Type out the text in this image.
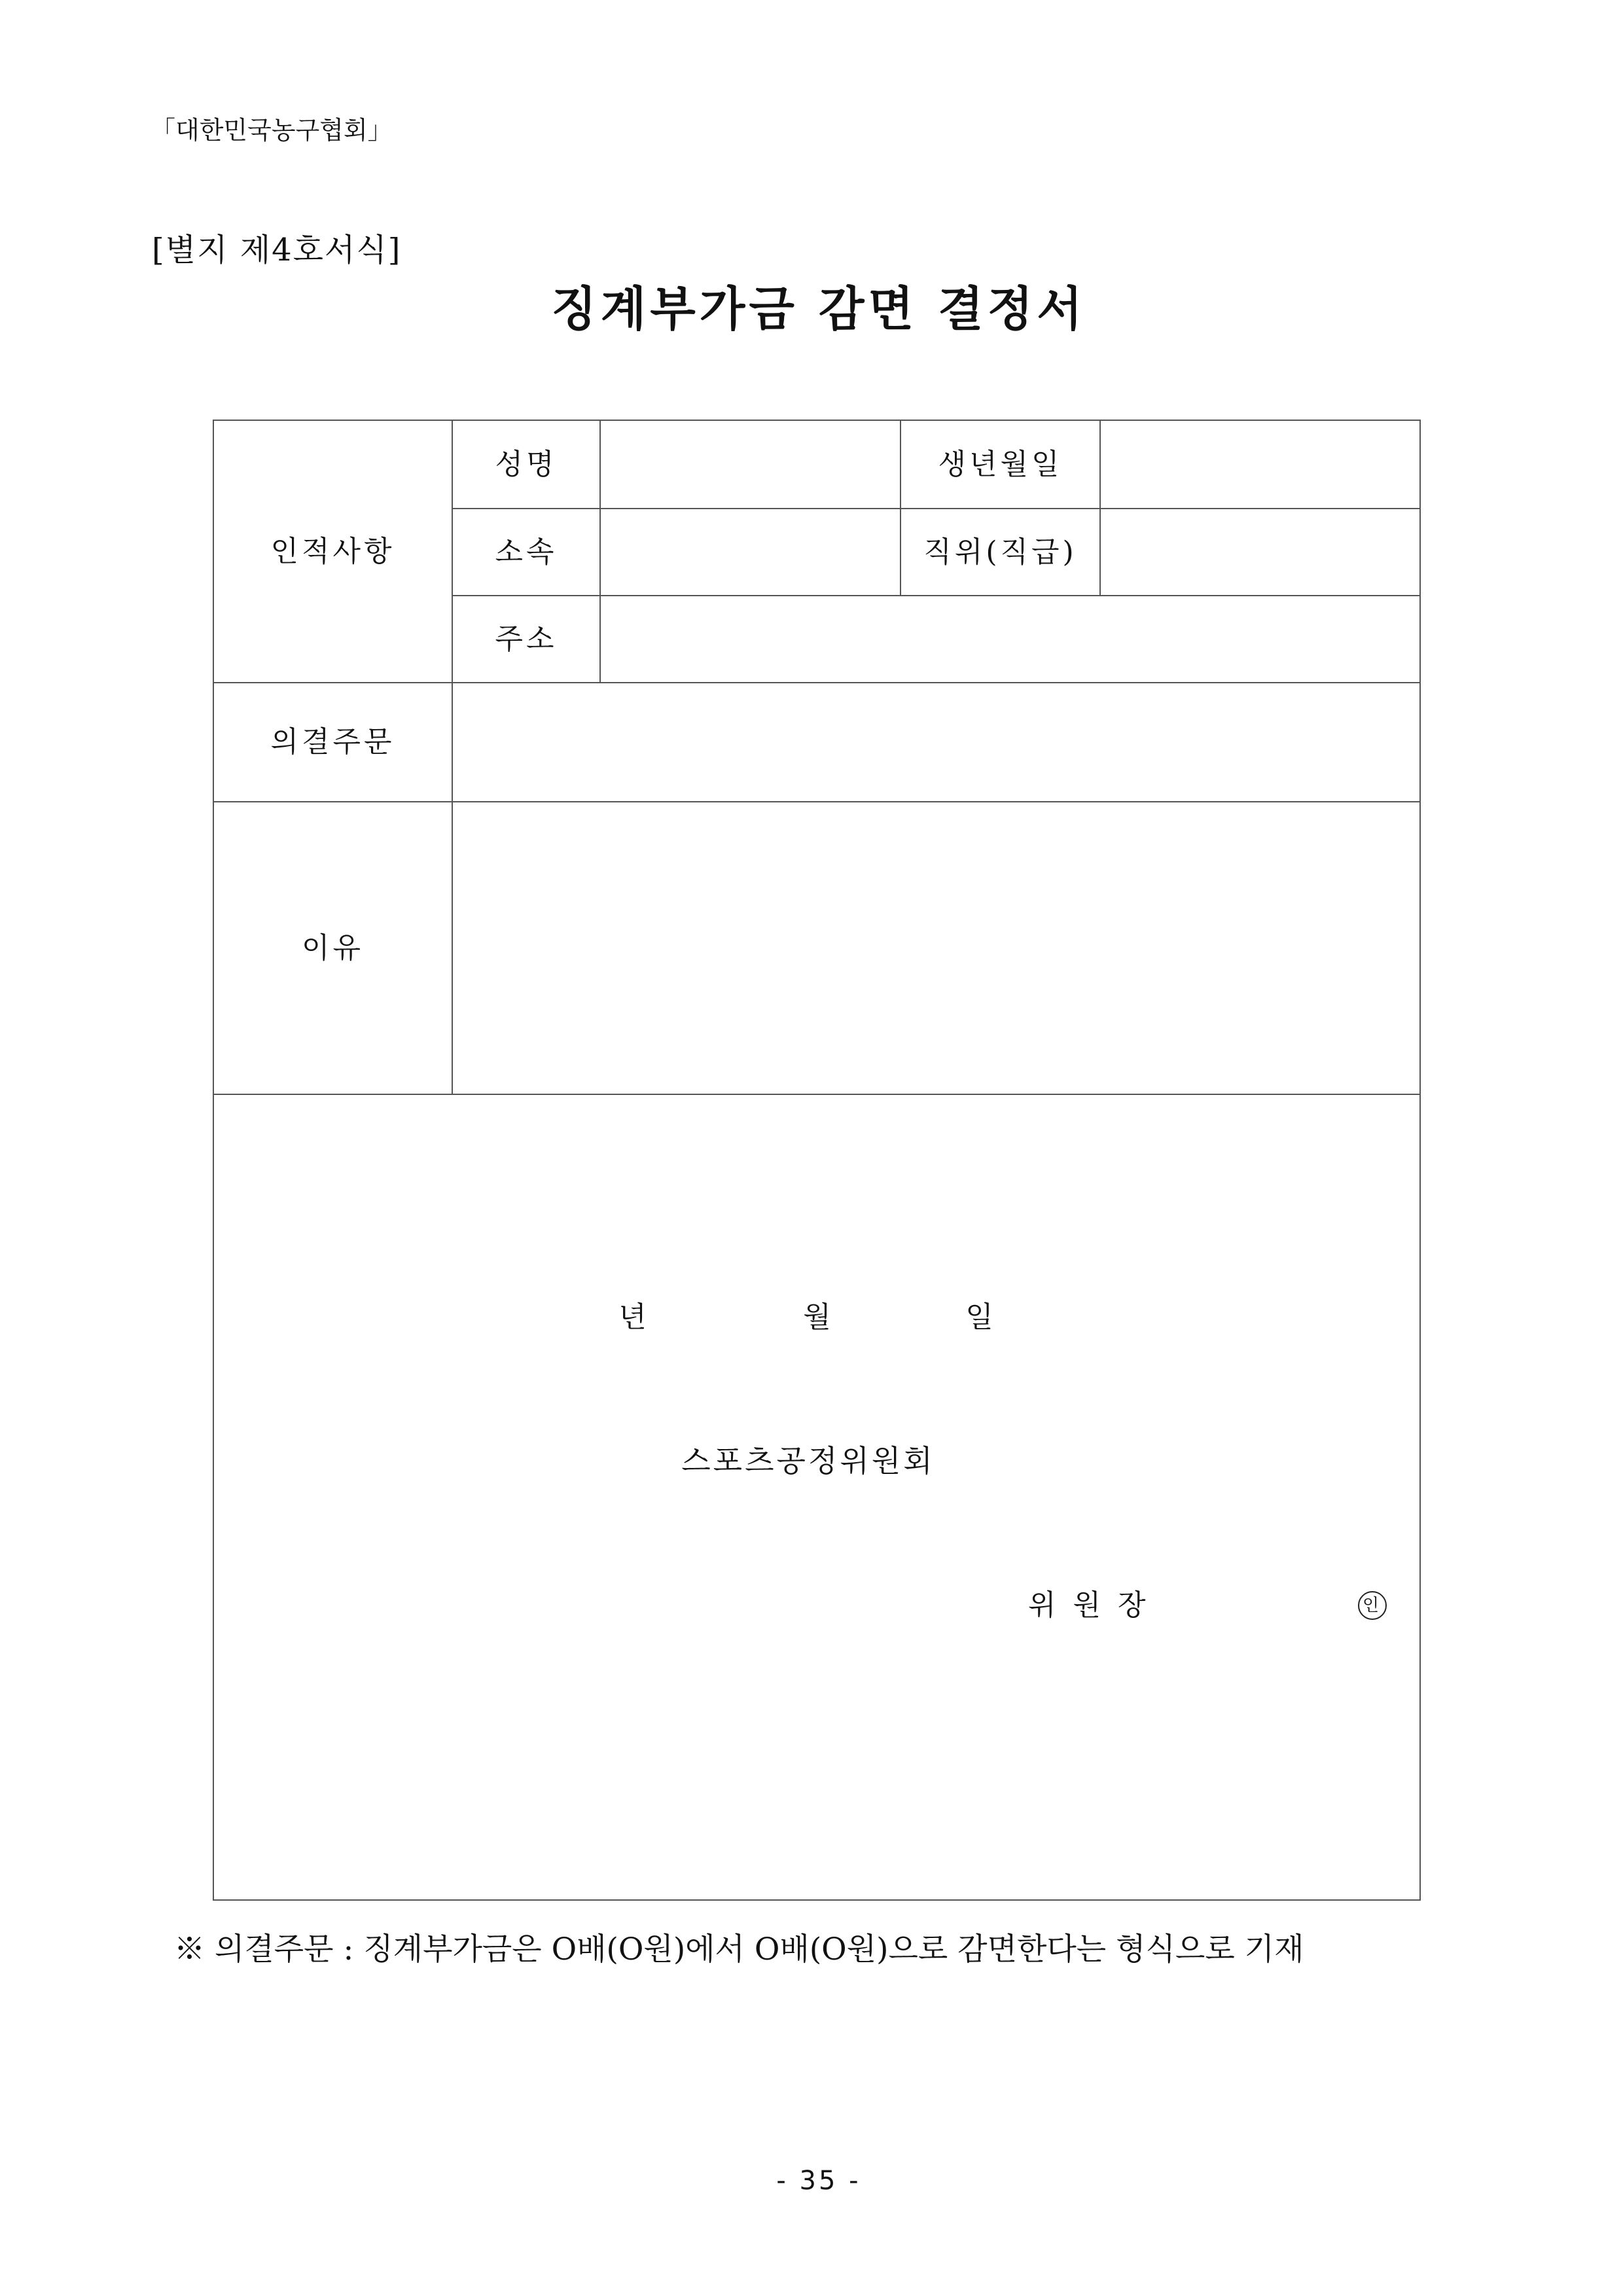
「대한민국농구협회」
[별지 제4호서식]
징계부가금 감면 결정서
인적사항
성명	생년월일
소속	직위(직급)
주소
의결주문
이유
년	월	일
스포츠공정위원회
위 원 장	인
※ 의결주문 : 징계부가금은 O배(O원)에서 O배(O원)으로 감면한다는 형식으로 기재
- 35 -
